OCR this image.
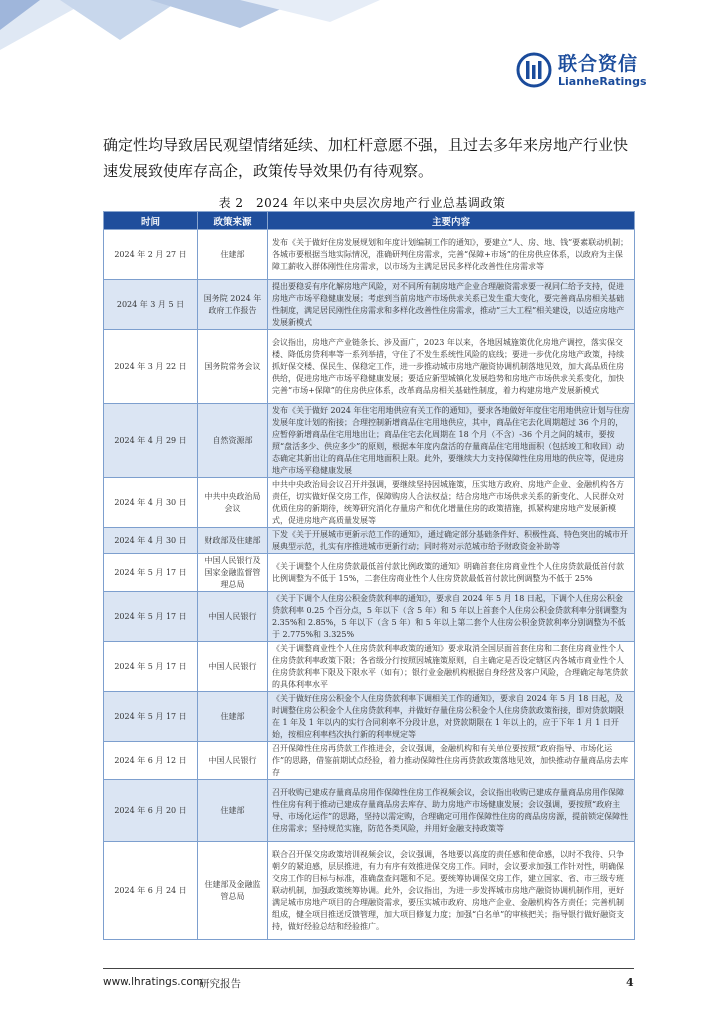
联合资信
LianheRatings

确定性均导致居民观望情绪延续、加杠杆意愿不强，且过去多年来房地产行业快速发展致使库存高企，政策传导效果仍有待观察。

表 2　2024 年以来中央层次房地产行业总基调政策
时间	政策来源	主要内容
2024 年 2 月 27 日	住建部	发布《关于做好住房发展规划和年度计划编制工作的通知》，要建立“人、房、地、钱”要素联动机制；各城市要根据当地实际情况，准确研判住房需求，完善“保障+市场”的住房供应体系，以政府为主保障工薪收入群体刚性住房需求，以市场为主满足居民多样化改善性住房需求等
2024 年 3 月 5 日	国务院 2024 年政府工作报告	提出要稳妥有序化解房地产风险，对不同所有制房地产企业合理融资需求要一视同仁给予支持，促进房地产市场平稳健康发展；考虑到当前房地产市场供求关系已发生重大变化，要完善商品房相关基础性制度，满足居民刚性住房需求和多样化改善性住房需求，推动“三大工程”相关建设，以适应房地产发展新模式
2024 年 3 月 22 日	国务院常务会议	会议指出，房地产产业链条长、涉及面广，2023 年以来，各地因城施策优化房地产调控，落实保交楼、降低房贷利率等一系列举措，守住了不发生系统性风险的底线；要进一步优化房地产政策，持续抓好保交楼、保民生、保稳定工作，进一步推动城市房地产融资协调机制落地见效，加大高品质住房供给，促进房地产市场平稳健康发展；要适应新型城镇化发展趋势和房地产市场供求关系变化，加快完善“市场+保障”的住房供应体系，改革商品房相关基础性制度，着力构建房地产发展新模式
2024 年 4 月 29 日	自然资源部	发布《关于做好 2024 年住宅用地供应有关工作的通知》，要求各地做好年度住宅用地供应计划与住房发展年度计划的衔接；合理控制新增商品住宅用地供应，其中，商品住宅去化周期超过 36 个月的，应暂停新增商品住宅用地出让；商品住宅去化周期在 18 个月（不含）-36 个月之间的城市，要按照“盘活多少、供应多少”的原则，根据本年度内盘活的存量商品住宅用地面积（包括竣工和收回）动态确定其新出让的商品住宅用地面积上限。此外，要继续大力支持保障性住房用地的供应等，促进房地产市场平稳健康发展
2024 年 4 月 30 日	中共中央政治局会议	中共中央政治局会议召开并强调，要继续坚持因城施策，压实地方政府、房地产企业、金融机构各方责任，切实做好保交房工作，保障购房人合法权益；结合房地产市场供求关系的新变化、人民群众对优质住房的新期待，统筹研究消化存量房产和优化增量住房的政策措施，抓紧构建房地产发展新模式，促进房地产高质量发展等
2024 年 4 月 30 日	财政部及住建部	下发《关于开展城市更新示范工作的通知》，通过确定部分基础条件好、积极性高、特色突出的城市开展典型示范，扎实有序推进城市更新行动；同时将对示范城市给予财政资金补助等
2024 年 5 月 17 日	中国人民银行及国家金融监督管理总局	《关于调整个人住房贷款最低首付款比例政策的通知》明确首套住房商业性个人住房贷款最低首付款比例调整为不低于 15%，二套住房商业性个人住房贷款最低首付款比例调整为不低于 25%
2024 年 5 月 17 日	中国人民银行	《关于下调个人住房公积金贷款利率的通知》，要求自 2024 年 5 月 18 日起，下调个人住房公积金贷款利率 0.25 个百分点，5 年以下（含 5 年）和 5 年以上首套个人住房公积金贷款利率分别调整为 2.35%和 2.85%，5 年以下（含 5 年）和 5 年以上第二套个人住房公积金贷款利率分别调整为不低于 2.775%和 3.325%
2024 年 5 月 17 日	中国人民银行	《关于调整商业性个人住房贷款利率政策的通知》要求取消全国层面首套住房和二套住房商业性个人住房贷款利率政策下限；各省级分行按照因城施策原则，自主确定是否设定辖区内各城市商业性个人住房贷款利率下限及下限水平（如有）；银行业金融机构根据自身经营及客户风险，合理确定每笔贷款的具体利率水平
2024 年 5 月 17 日	住建部	《关于做好住房公积金个人住房贷款利率下调相关工作的通知》，要求自 2024 年 5 月 18 日起，及时调整住房公积金个人住房贷款利率，并做好存量住房公积金个人住房贷款政策衔接，即对贷款期限在 1 年及 1 年以内的实行合同利率不分段计息，对贷款期限在 1 年以上的，应于下年 1 月 1 日开始，按相应利率档次执行新的利率规定等
2024 年 6 月 12 日	中国人民银行	召开保障性住房再贷款工作推进会，会议强调，金融机构和有关单位要按照“政府指导、市场化运作”的思路，借鉴前期试点经验，着力推动保障性住房再贷款政策落地见效，加快推动存量商品房去库存
2024 年 6 月 20 日	住建部	召开收购已建成存量商品房用作保障性住房工作视频会议，会议指出收购已建成存量商品房用作保障性住房有利于推动已建成存量商品房去库存、助力房地产市场健康发展；会议强调，要按照“政府主导、市场化运作”的思路，坚持以需定购，合理确定可用作保障性住房的商品房房源，提前锁定保障性住房需求；坚持规范实施，防范各类风险，并用好金融支持政策等
2024 年 6 月 24 日	住建部及金融监管总局	联合召开保交房政策培训视频会议，会议强调，各地要以高度的责任感和使命感，以时不我待、只争朝夕的紧迫感，层层推进，有力有序有效推进保交房工作。同时，会议要求加强工作针对性，明确保交房工作的目标与标准，准确盘查问题和不足。要统筹协调保交房工作，建立国家、省、市三级专班联动机制，加强政策统筹协调。此外，会议指出，为进一步发挥城市房地产融资协调机制作用，更好满足城市房地产项目的合理融资需求，要压实城市政府、房地产企业、金融机构各方责任；完善机制组成，健全项目推送反馈管理，加大项目修复力度；加强“白名单”的审核把关；指导银行做好融资支持，做好经验总结和经验推广。
www.lhratings.com
研究报告	4
